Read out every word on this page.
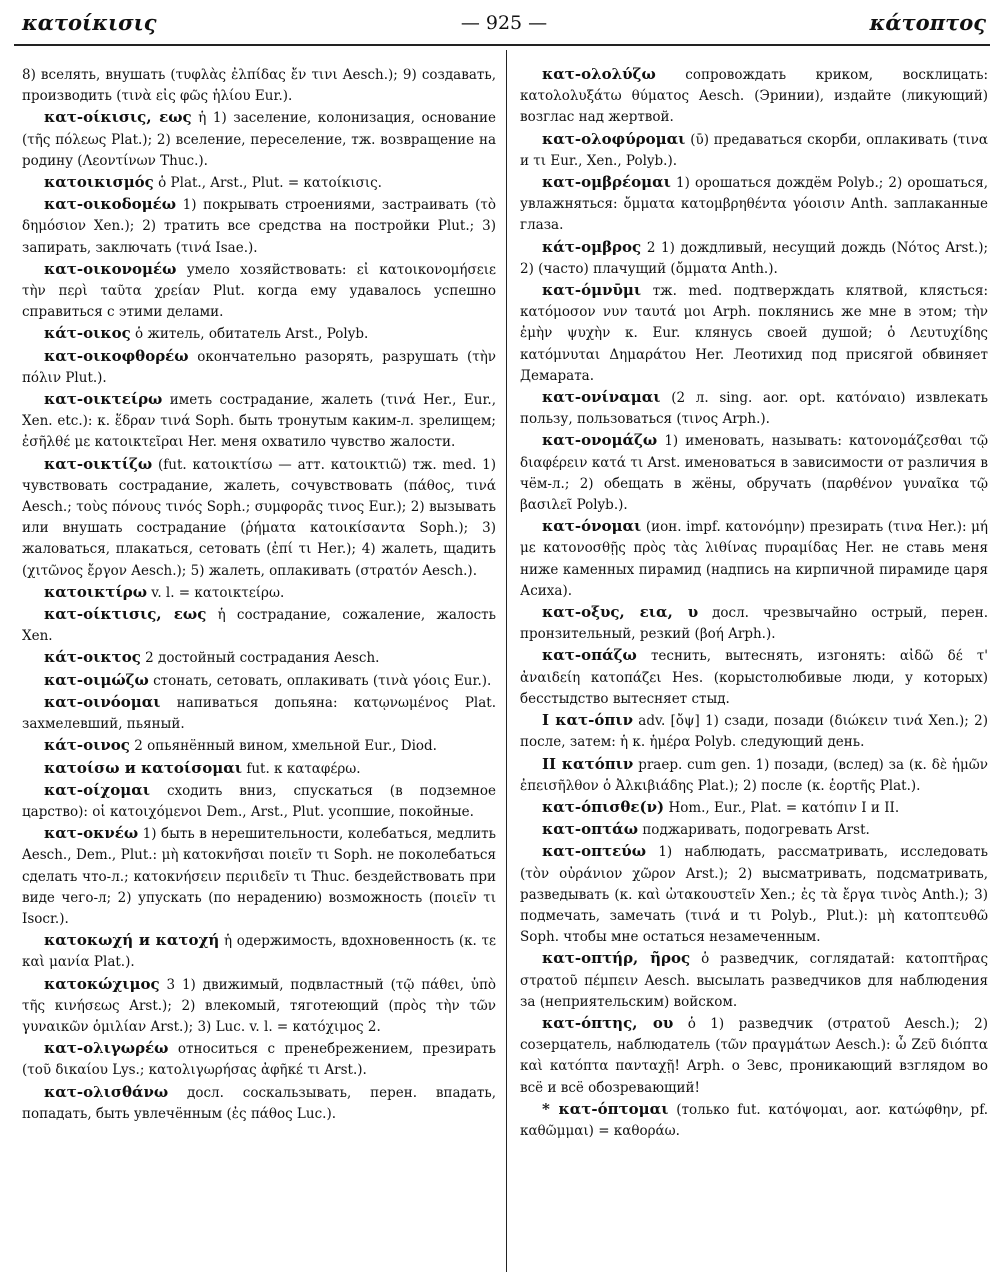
κατοίκισις	— 925 —	κάτοπτος

8) вселять, внушать (τυφλὰς ἐλπίδας ἔν τινι Aesch.); 9) создавать, производить (τινὰ εἰς φῶς ἡλίου Eur.).

κατ-οίκισις, εως ἡ 1) заселение, колонизация, основание (τῆς πόλεως Plat.); 2) вселение, переселение, тж. возвращение на родину (Λεοντίνων Thuc.).

κατοικισμός ὁ Plat., Arst., Plut. = κατοίκισις.

κατ-οικοδομέω 1) покрывать строениями, застраивать (τὸ δημόσιον Xen.); 2) тратить все средства на постройки Plut.; 3) запирать, заключать (τινά Isae.).

κατ-οικονομέω умело хозяйствовать: εἰ κατοικονομήσειε τὴν περὶ ταῦτα χρείαν Plut. когда ему удавалось успешно справиться с этими делами.

κάτ-οικος ὁ житель, обитатель Arst., Polyb.

κατ-οικοφθορέω окончательно разорять, разрушать (τὴν πόλιν Plut.).

κατ-οικτείρω иметь сострадание, жалеть (τινά Her., Eur., Xen. etc.): κ. ἕδραν τινά Soph. быть тронутым каким-л. зрелищем; ἐσῆλθέ με κατοικτεῖραι Her. меня охватило чувство жалости.

κατ-οικτίζω (fut. κατοικτίσω — атт. κατοικτιῶ) тж. med. 1) чувствовать сострадание, жалеть, сочувствовать (πάθος, τινά Aesch.; τοὺς πόνους τινός Soph.; συμφορᾶς τινος Eur.); 2) вызывать или внушать сострадание (ῥήματα κατοικίσαντα Soph.); 3) жаловаться, плакаться, сетовать (ἐπί τι Her.); 4) жалеть, щадить (χιτῶνος ἔργον Aesch.); 5) жалеть, оплакивать (στρατόν Aesch.).

κατοικτίρω v. l. = κατοικτείρω.

κατ-οίκτισις, εως ἡ сострадание, сожаление, жалость Xen.

κάτ-οικτος 2 достойный сострадания Aesch.

κατ-οιμώζω стонать, сетовать, оплакивать (τινὰ γόοις Eur.).

κατ-οινόομαι напиваться допьяна: κατῳνωμένος Plat. захмелевший, пьяный.

κάτ-οινος 2 опьянённый вином, хмельной Eur., Diod.

κατοίσω и κατοίσομαι fut. к καταφέρω.

κατ-οίχομαι сходить вниз, спускаться (в подземное царство): οἱ κατοιχόμενοι Dem., Arst., Plut. усопшие, покойные.

κατ-οκνέω 1) быть в нерешительности, колебаться, медлить Aesch., Dem., Plut.: μὴ κατοκνῆσαι ποιεῖν τι Soph. не поколебаться сделать что-л.; κατοκνήσειν περιιδεῖν τι Thuc. бездействовать при виде чего-л; 2) упускать (по нерадению) возможность (ποιεῖν τι Isocr.).

κατοκωχή и κατοχή ἡ одержимость, вдохновенность (κ. τε καὶ μανία Plat.).

κατοκώχιμος 3 1) движимый, подвластный (τῷ πάθει, ὑπὸ τῆς κινήσεως Arst.); 2) влекомый, тяготеющий (πρὸς τὴν τῶν γυναικῶν ὁμιλίαν Arst.); 3) Luc. v. l. = κατόχιμος 2.

κατ-ολιγωρέω относиться с пренебрежением, презирать (τοῦ δικαίου Lys.; κατολιγωρήσας ἀφῆκέ τι Arst.).

κατ-ολισθάνω досл. соскальзывать, перен. впадать, попадать, быть увлечённым (ἐς πάθος Luc.).

κατ-ολολύζω сопровождать криком, восклицать: κατολολυξάτω θύματος Aesch. (Эринии), издайте (ликующий) возглас над жертвой.

κατ-ολοφύρομαι (ῡ) предаваться скорби, оплакивать (τινα и τι Eur., Xen., Polyb.).

κατ-ομβρέομαι 1) орошаться дождём Polyb.; 2) орошаться, увлажняться: ὄμματα κατομβρηθέντα γόοισιν Anth. заплаканные глаза.

κάτ-ομβρος 2 1) дождливый, несущий дождь (Νότος Arst.); 2) (часто) плачущий (ὄμματα Anth.).

κατ-όμνῡμι тж. med. подтверждать клятвой, клясться: κατόμοσον νυν ταυτά μοι Arph. поклянись же мне в этом; τὴν ἐμὴν ψυχὴν κ. Eur. клянусь своей душой; ὁ Λευτυχίδης κατόμνυται Δημαράτου Her. Леотихид под присягой обвиняет Демарата.

κατ-ονίναμαι (2 л. sing. aor. opt. κατόναιο) извлекать пользу, пользоваться (τινος Arph.).

κατ-ονομάζω 1) именовать, называть: κατονομάζεσθαι τῷ διαφέρειν κατά τι Arst. именоваться в зависимости от различия в чём-л.; 2) обещать в жёны, обручать (παρθένον γυναῖκα τῷ βασιλεῖ Polyb.).

κατ-όνομαι (ион. impf. κατονόμην) презирать (τινα Her.): μή με κατονοσθῇς πρὸς τὰς λιθίνας πυραμίδας Her. не ставь меня ниже каменных пирамид (надпись на кирпичной пирамиде царя Асиха).

κατ-οξυς, εια, υ досл. чрезвычайно острый, перен. пронзительный, резкий (βοή Arph.).

κατ-οπάζω теснить, вытеснять, изгонять: αἰδῶ δέ τ' ἀναιδείη κατοπάζει Hes. (корыстолюбивые люди, у которых) бесстыдство вытесняет стыд.

I κατ-όπιν adv. [ὄψ] 1) сзади, позади (διώκειν τινά Xen.); 2) после, затем: ἡ κ. ἡμέρα Polyb. следующий день.

II κατόπιν praep. cum gen. 1) позади, (вслед) за (κ. δὲ ἡμῶν ἐπεισῆλθον ὁ Ἀλκιβιάδης Plat.); 2) после (κ. ἑορτῆς Plat.).

κατ-όπισθε(ν) Hom., Eur., Plat. = κατόπιν I и II.

κατ-οπτάω поджаривать, подогревать Arst.

κατ-οπτεύω 1) наблюдать, рассматривать, исследовать (τὸν οὐράνιον χῶρον Arst.); 2) высматривать, подсматривать, разведывать (κ. καὶ ὠτακουστεῖν Xen.; ἐς τὰ ἔργα τινὸς Anth.); 3) подмечать, замечать (τινά и τι Polyb., Plut.): μὴ κατοπτευθῶ Soph. чтобы мне остаться незамеченным.

κατ-οπτήρ, ῆρος ὁ разведчик, соглядатай: κατοπτῆρας στρατοῦ πέμπειν Aesch. высылать разведчиков для наблюдения за (неприятельским) войском.

κατ-όπτης, ου ὁ 1) разведчик (στρατοῦ Aesch.); 2) созерцатель, наблюдатель (τῶν πραγμάτων Aesch.): ὦ Ζεῦ διόπτα καὶ κατόπτα πανταχῇ! Arph. о Зевс, проникающий взглядом во всё и всё обозревающий!

* κατ-όπτομαι (только fut. κατόψομαι, aor. κατώφθην, pf. καθῶμμαι) = καθοράω.
